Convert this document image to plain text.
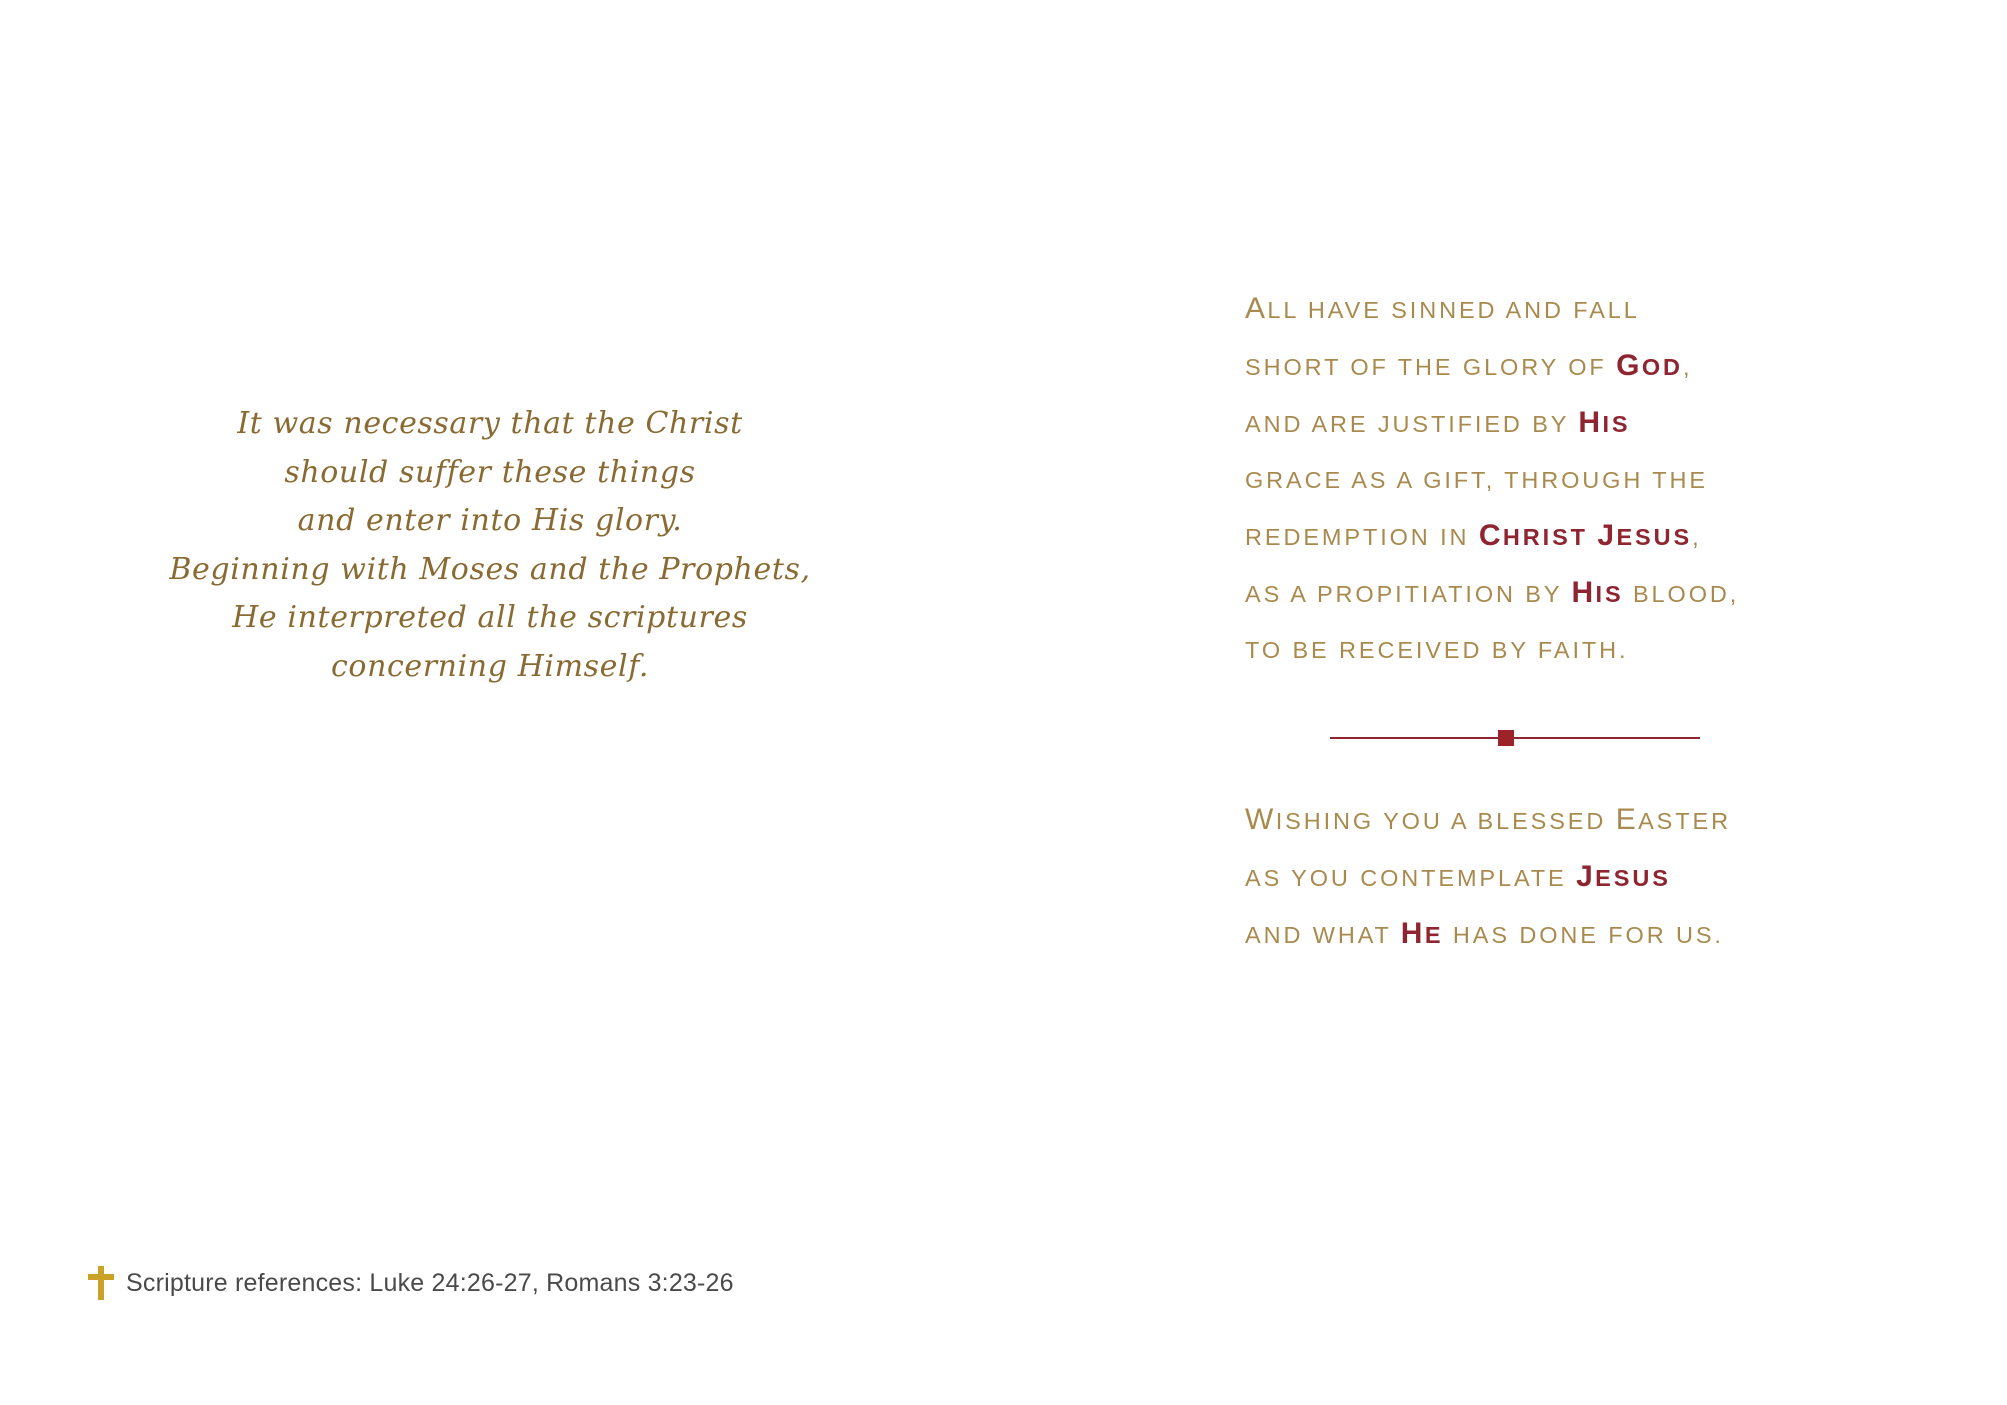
It was necessary that the Christ
should suffer these things
and enter into His glory.
Beginning with Moses and the Prophets,
He interpreted all the scriptures
concerning Himself.
ALL HAVE SINNED AND FALL
SHORT OF THE GLORY OF GOD,
AND ARE JUSTIFIED BY HIS
GRACE AS A GIFT, THROUGH THE
REDEMPTION IN CHRIST JESUS,
AS A PROPITIATION BY HIS BLOOD,
TO BE RECEIVED BY FAITH.
WISHING YOU A BLESSED EASTER
AS YOU CONTEMPLATE JESUS
AND WHAT HE HAS DONE FOR US.
Scripture references: Luke 24:26-27, Romans 3:23-26
